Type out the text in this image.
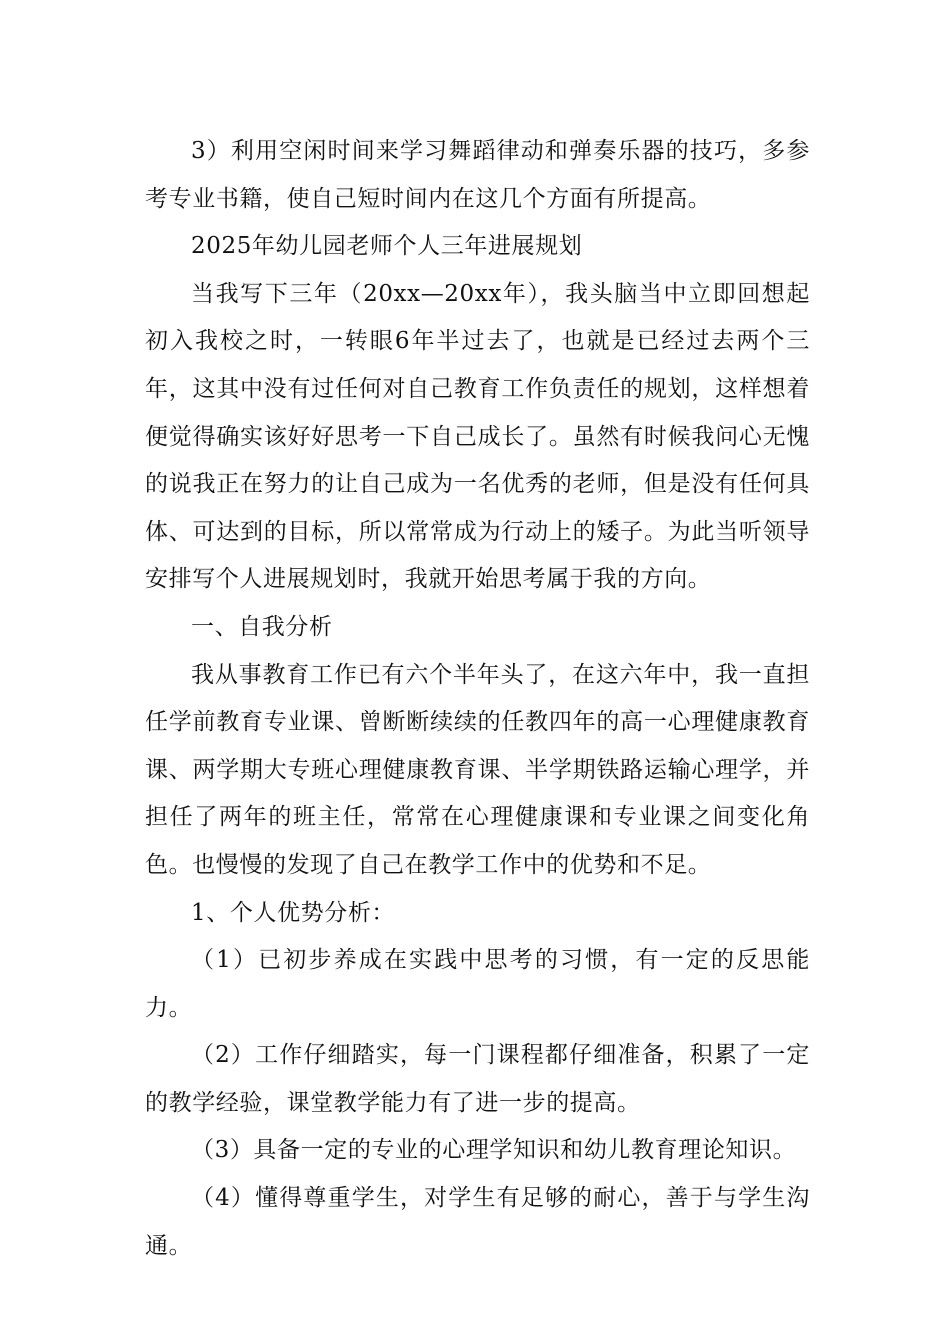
3）利用空闲时间来学习舞蹈律动和弹奏乐器的技巧，多参考专业书籍，使自己短时间内在这几个方面有所提高。

2025年幼儿园老师个人三年进展规划

当我写下三年（20xx—20xx年），我头脑当中立即回想起初入我校之时，一转眼6年半过去了，也就是已经过去两个三年，这其中没有过任何对自己教育工作负责任的规划，这样想着便觉得确实该好好思考一下自己成长了。虽然有时候我问心无愧的说我正在努力的让自己成为一名优秀的老师，但是没有任何具体、可达到的目标，所以常常成为行动上的矮子。为此当听领导安排写个人进展规划时，我就开始思考属于我的方向。

一、自我分析

我从事教育工作已有六个半年头了，在这六年中，我一直担任学前教育专业课、曾断断续续的任教四年的高一心理健康教育课、两学期大专班心理健康教育课、半学期铁路运输心理学，并担任了两年的班主任，常常在心理健康课和专业课之间变化角色。也慢慢的发现了自己在教学工作中的优势和不足。

1、个人优势分析：

（1）已初步养成在实践中思考的习惯，有一定的反思能力。

（2）工作仔细踏实，每一门课程都仔细准备，积累了一定的教学经验，课堂教学能力有了进一步的提高。

（3）具备一定的专业的心理学知识和幼儿教育理论知识。

（4）懂得尊重学生，对学生有足够的耐心，善于与学生沟通。
